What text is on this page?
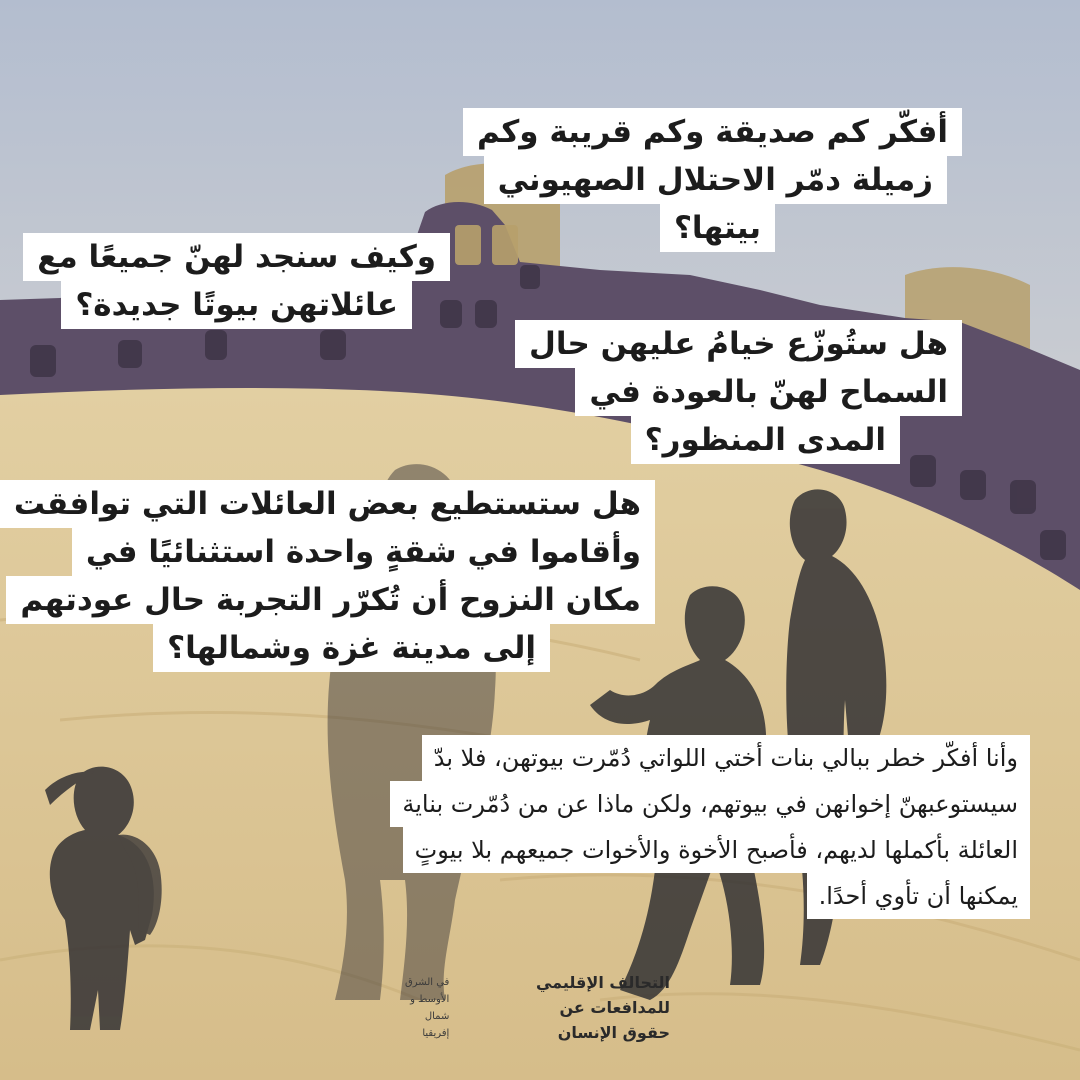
أفكّر كم صديقة وكم قريبة وكم
زميلة دمّر الاحتلال الصهيوني
بيتها؟
وكيف سنجد لهنّ جميعًا مع
عائلاتهن بيوتًا جديدة؟
هل ستُوزّع خيامُ عليهن حال
السماح لهنّ بالعودة في
المدى المنظور؟
هل ستستطيع بعض العائلات التي توافقت
وأقاموا في شقةٍ واحدة استثنائيًا في
مكان النزوح أن تُكرّر التجربة حال عودتهم
إلى مدينة غزة وشمالها؟
وأنا أفكّر خطر ببالي بنات أختي اللواتي دُمّرت بيوتهن، فلا بدّ
سيستوعبهنّ إخوانهن في بيوتهم، ولكن ماذا عن من دُمّرت بناية
العائلة بأكملها لديهم، فأصبح الأخوة والأخوات جميعهم بلا بيوتٍ
يمكنها أن تأوي أحدًا.
التحالف الإقليمي
للمدافعات عن
حقوق الإنسان
في الشرق
الأوسط و
شمال
إفريقيا
